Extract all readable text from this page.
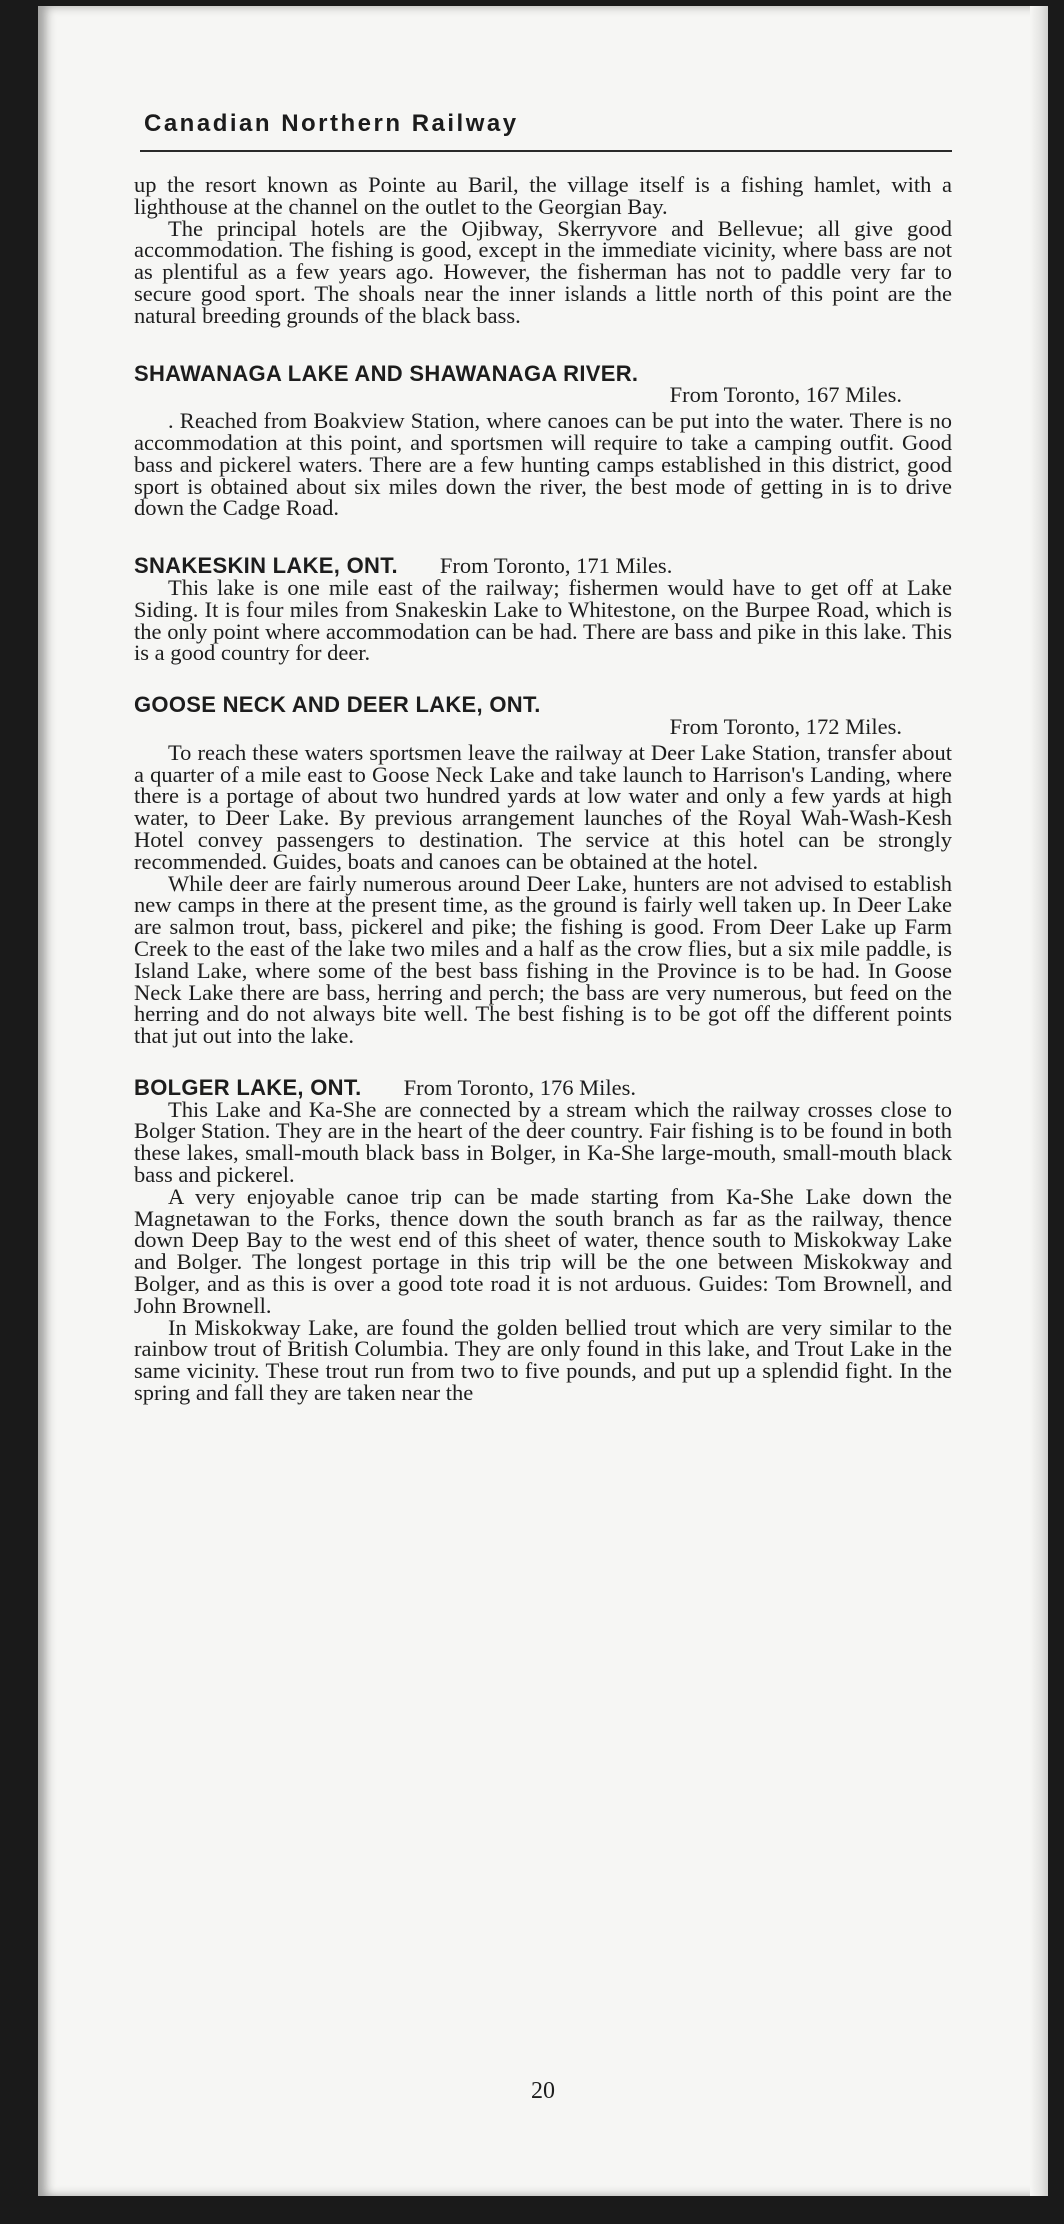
Canadian Northern Railway

up the resort known as Pointe au Baril, the village itself is a fishing hamlet, with a lighthouse at the channel on the outlet to the Georgian Bay.

The principal hotels are the Ojibway, Skerryvore and Bellevue; all give good accommodation. The fishing is good, except in the immediate vicinity, where bass are not as plentiful as a few years ago. However, the fisherman has not to paddle very far to secure good sport. The shoals near the inner islands a little north of this point are the natural breeding grounds of the black bass.

SHAWANAGA LAKE AND SHAWANAGA RIVER.
From Toronto, 167 Miles.

. Reached from Boakview Station, where canoes can be put into the water. There is no accommodation at this point, and sportsmen will require to take a camping outfit. Good bass and pickerel waters. There are a few hunting camps established in this district, good sport is obtained about six miles down the river, the best mode of getting in is to drive down the Cadge Road.

SNAKESKIN LAKE, ONT. From Toronto, 171 Miles.

This lake is one mile east of the railway; fishermen would have to get off at Lake Siding. It is four miles from Snakeskin Lake to Whitestone, on the Burpee Road, which is the only point where accommodation can be had. There are bass and pike in this lake. This is a good country for deer.

GOOSE NECK AND DEER LAKE, ONT.
From Toronto, 172 Miles.

To reach these waters sportsmen leave the railway at Deer Lake Station, transfer about a quarter of a mile east to Goose Neck Lake and take launch to Harrison's Landing, where there is a portage of about two hundred yards at low water and only a few yards at high water, to Deer Lake. By previous arrangement launches of the Royal Wah-Wash-Kesh Hotel convey passengers to destination. The service at this hotel can be strongly recommended. Guides, boats and canoes can be obtained at the hotel.

While deer are fairly numerous around Deer Lake, hunters are not advised to establish new camps in there at the present time, as the ground is fairly well taken up. In Deer Lake are salmon trout, bass, pickerel and pike; the fishing is good. From Deer Lake up Farm Creek to the east of the lake two miles and a half as the crow flies, but a six mile paddle, is Island Lake, where some of the best bass fishing in the Province is to be had. In Goose Neck Lake there are bass, herring and perch; the bass are very numerous, but feed on the herring and do not always bite well. The best fishing is to be got off the different points that jut out into the lake.

BOLGER LAKE, ONT. From Toronto, 176 Miles.

This Lake and Ka-She are connected by a stream which the railway crosses close to Bolger Station. They are in the heart of the deer country. Fair fishing is to be found in both these lakes, small-mouth black bass in Bolger, in Ka-She large-mouth, small-mouth black bass and pickerel.

A very enjoyable canoe trip can be made starting from Ka-She Lake down the Magnetawan to the Forks, thence down the south branch as far as the railway, thence down Deep Bay to the west end of this sheet of water, thence south to Miskokway Lake and Bolger. The longest portage in this trip will be the one between Miskokway and Bolger, and as this is over a good tote road it is not arduous. Guides: Tom Brownell, and John Brownell.

In Miskokway Lake, are found the golden bellied trout which are very similar to the rainbow trout of British Columbia. They are only found in this lake, and Trout Lake in the same vicinity. These trout run from two to five pounds, and put up a splendid fight. In the spring and fall they are taken near the

20
